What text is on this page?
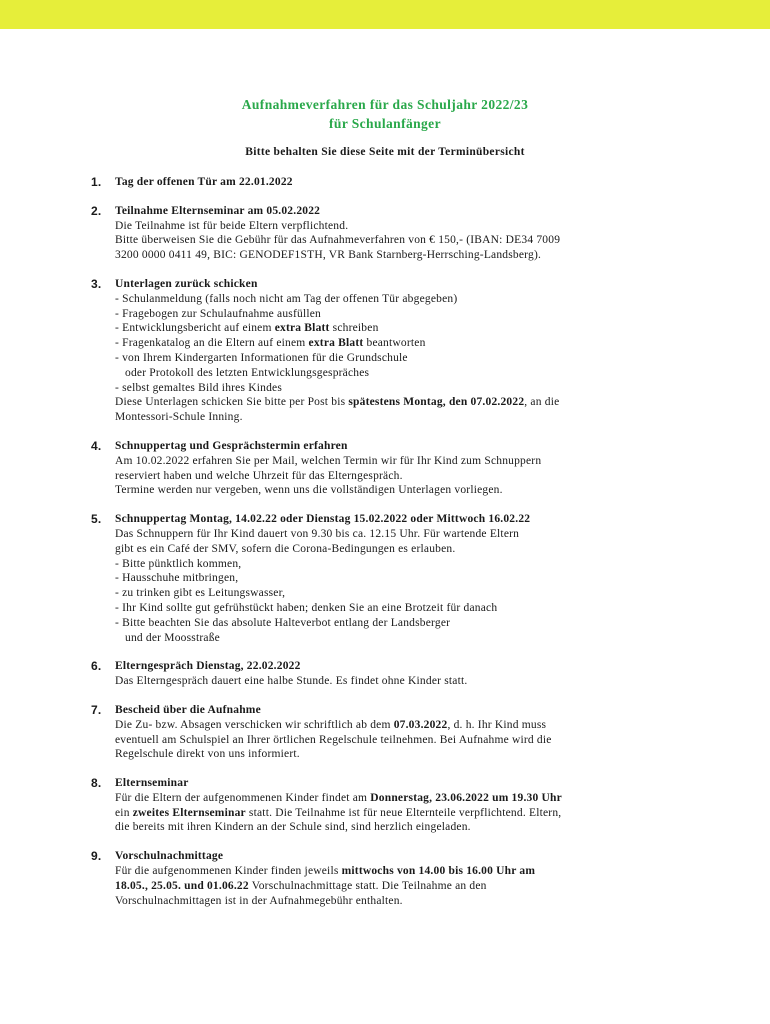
Aufnahmeverfahren für das Schuljahr 2022/23
für Schulanfänger
Bitte behalten Sie diese Seite mit der Terminübersicht
1.	Tag der offenen Tür am 22.01.2022
2.	Teilnahme Elternseminar am 05.02.2022
Die Teilnahme ist für beide Eltern verpflichtend.
Bitte überweisen Sie die Gebühr für das Aufnahmeverfahren von € 150,- (IBAN: DE34 7009
3200 0000 0411 49, BIC: GENODEF1STH, VR Bank Starnberg-Herrsching-Landsberg).
3.	Unterlagen zurück schicken
- Schulanmeldung (falls noch nicht am Tag der offenen Tür abgegeben)
- Fragebogen zur Schulaufnahme ausfüllen
- Entwicklungsbericht auf einem extra Blatt schreiben
- Fragenkatalog an die Eltern auf einem extra Blatt beantworten
- von Ihrem Kindergarten Informationen für die Grundschule
oder Protokoll des letzten Entwicklungsgespräches
- selbst gemaltes Bild ihres Kindes
Diese Unterlagen schicken Sie bitte per Post bis spätestens Montag, den 07.02.2022, an die
Montessori-Schule Inning.
4.	Schnuppertag und Gesprächstermin erfahren
Am 10.02.2022 erfahren Sie per Mail, welchen Termin wir für Ihr Kind zum Schnuppern
reserviert haben und welche Uhrzeit für das Elterngespräch.
Termine werden nur vergeben, wenn uns die vollständigen Unterlagen vorliegen.
5.	Schnuppertag Montag, 14.02.22 oder Dienstag 15.02.2022 oder Mittwoch 16.02.22
Das Schnuppern für Ihr Kind dauert von 9.30 bis ca. 12.15 Uhr. Für wartende Eltern
gibt es ein Café der SMV, sofern die Corona-Bedingungen es erlauben.
- Bitte pünktlich kommen,
- Hausschuhe mitbringen,
- zu trinken gibt es Leitungswasser,
- Ihr Kind sollte gut gefrühstückt haben; denken Sie an eine Brotzeit für danach
- Bitte beachten Sie das absolute Halteverbot entlang der Landsberger
und der Moosstraße
6.	Elterngespräch Dienstag, 22.02.2022
Das Elterngespräch dauert eine halbe Stunde. Es findet ohne Kinder statt.
7.	Bescheid über die Aufnahme
Die Zu- bzw. Absagen verschicken wir schriftlich ab dem 07.03.2022, d. h. Ihr Kind muss
eventuell am Schulspiel an Ihrer örtlichen Regelschule teilnehmen. Bei Aufnahme wird die
Regelschule direkt von uns informiert.
8.	Elternseminar
Für die Eltern der aufgenommenen Kinder findet am Donnerstag, 23.06.2022 um 19.30 Uhr
ein zweites Elternseminar statt. Die Teilnahme ist für neue Elternteile verpflichtend. Eltern,
die bereits mit ihren Kindern an der Schule sind, sind herzlich eingeladen.
9.	Vorschulnachmittage
Für die aufgenommenen Kinder finden jeweils mittwochs von 14.00 bis 16.00 Uhr am
18.05., 25.05. und 01.06.22 Vorschulnachmittage statt. Die Teilnahme an den
Vorschulnachmittagen ist in der Aufnahmegebühr enthalten.
